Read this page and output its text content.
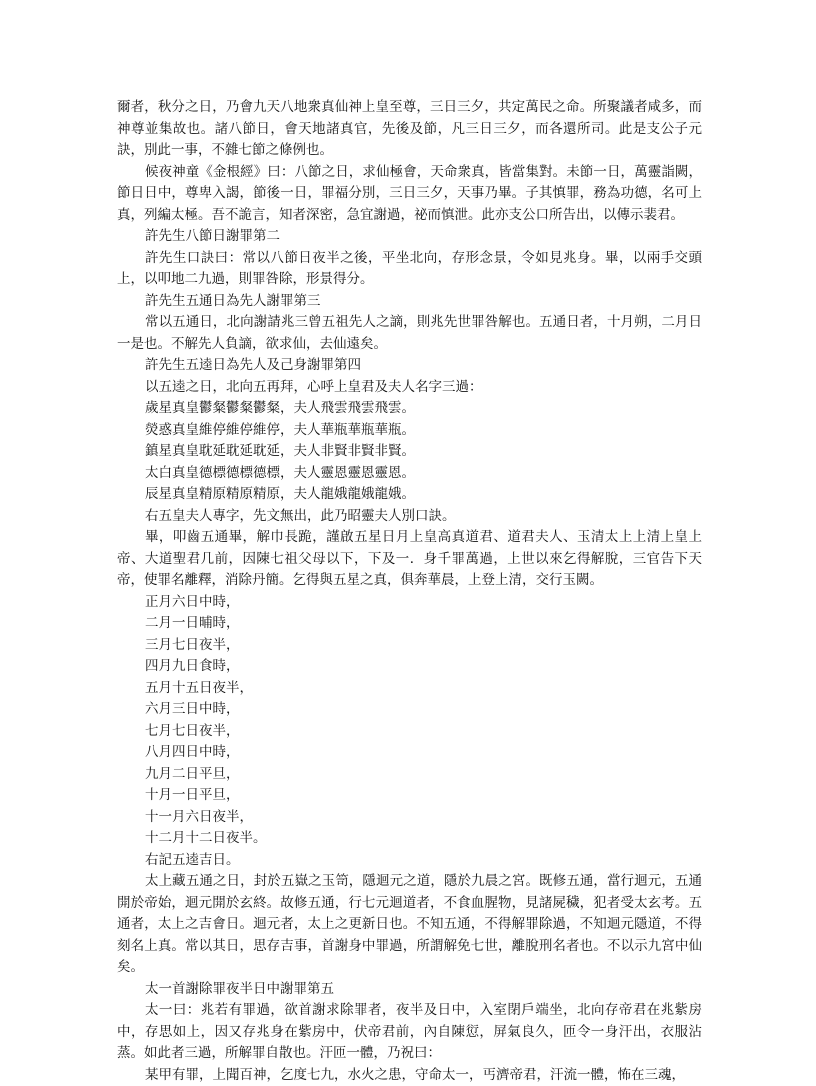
爾者，秋分之日，乃會九天八地衆真仙神上皇至尊，三日三夕，共定萬民之命。所聚議者咸多，而神尊並集故也。諸八節日，會天地諸真官，先後及節，凡三日三夕，而各還所司。此是支公子元訣，別此一事，不雜七節之條例也。

候夜神童《金根經》曰：八節之日，求仙極會，天命衆真，皆當集對。未節一日，萬靈詣闕，節日日中，尊卑入謁，節後一日，罪福分別，三日三夕，天事乃畢。子其慎罪，務為功德，名可上真，列編太極。吾不詭言，知者深密，急宜謝過，祕而慎泄。此亦支公口所告出，以傳示裴君。

許先生八節日謝罪第二

許先生口訣曰：常以八節日夜半之後，平坐北向，存形念景，令如見兆身。畢，以兩手交頭上，以叩地二九過，則罪咎除，形景得分。

許先生五通日為先人謝罪第三

常以五通日，北向謝請兆三曾五祖先人之謫，則兆先世罪咎解也。五通日者，十月朔，二月日一是也。不解先人負謫，欲求仙，去仙遠矣。

許先生五逵日為先人及己身謝罪第四

以五逵之日，北向五再拜，心呼上皇君及夫人名字三過：

歲星真皇鬱粲鬱粲鬱粲，夫人飛雲飛雲飛雲。

熒惑真皇維停維停維停，夫人華瓶華瓶華瓶。

鎮星真皇耽延耽延耽延，夫人非賢非賢非賢。

太白真皇德標德標德標，夫人靈恩靈恩靈恩。

辰星真皇精原精原精原，夫人龍娥龍娥龍娥。

右五皇夫人專字，先文無出，此乃昭靈夫人別口訣。

畢，叩齒五通畢，解巾長跪，謹啟五星日月上皇高真道君、道君夫人、玉清太上上清上皇上帝、大道聖君几前，因陳七祖父母以下，下及一．身千罪萬過，上世以來乞得解脫，三官告下天帝，使罪名離釋，消除丹簡。乞得與五星之真，俱奔華晨，上登上清，交行玉闕。

正月六日中時，

二月一日晡時，

三月七日夜半，

四月九日食時，

五月十五日夜半，

六月三日中時，

七月七日夜半，

八月四日中時，

九月二日平旦，

十月一日平旦，

十一月六日夜半，

十二月十二日夜半。

右記五逵吉日。

太上藏五通之日，封於五嶽之玉笥，隱迴元之道，隱於九晨之宮。既修五通，當行迴元，五通開於帝始，迴元開於玄終。故修五通，行七元迴道者，不食血腥物，見諸屍穢，犯者受太玄考。五通者，太上之吉會日。迴元者，太上之更新日也。不知五通，不得解罪除過，不知迴元隱道，不得刻名上真。常以其日，思存吉事，首謝身中罪過，所謂解免七世，離脫刑名者也。不以示九宮中仙矣。

太一首謝除罪夜半日中謝罪第五

太一曰：兆若有罪過，欲首謝求除罪者，夜半及日中，入室閉戶端坐，北向存帝君在兆紫房中，存思如上，因又存兆身在紫房中，伏帝君前，內自陳愆，屏氣良久，匝令一身汗出，衣服沾蒸。如此者三過，所解罪自散也。汗匝一體，乃祝曰：

某甲有罪，上聞百神，乞度七九，水火之患，守命太一，丐濟帝君，汗流一體，怖在三魂，
